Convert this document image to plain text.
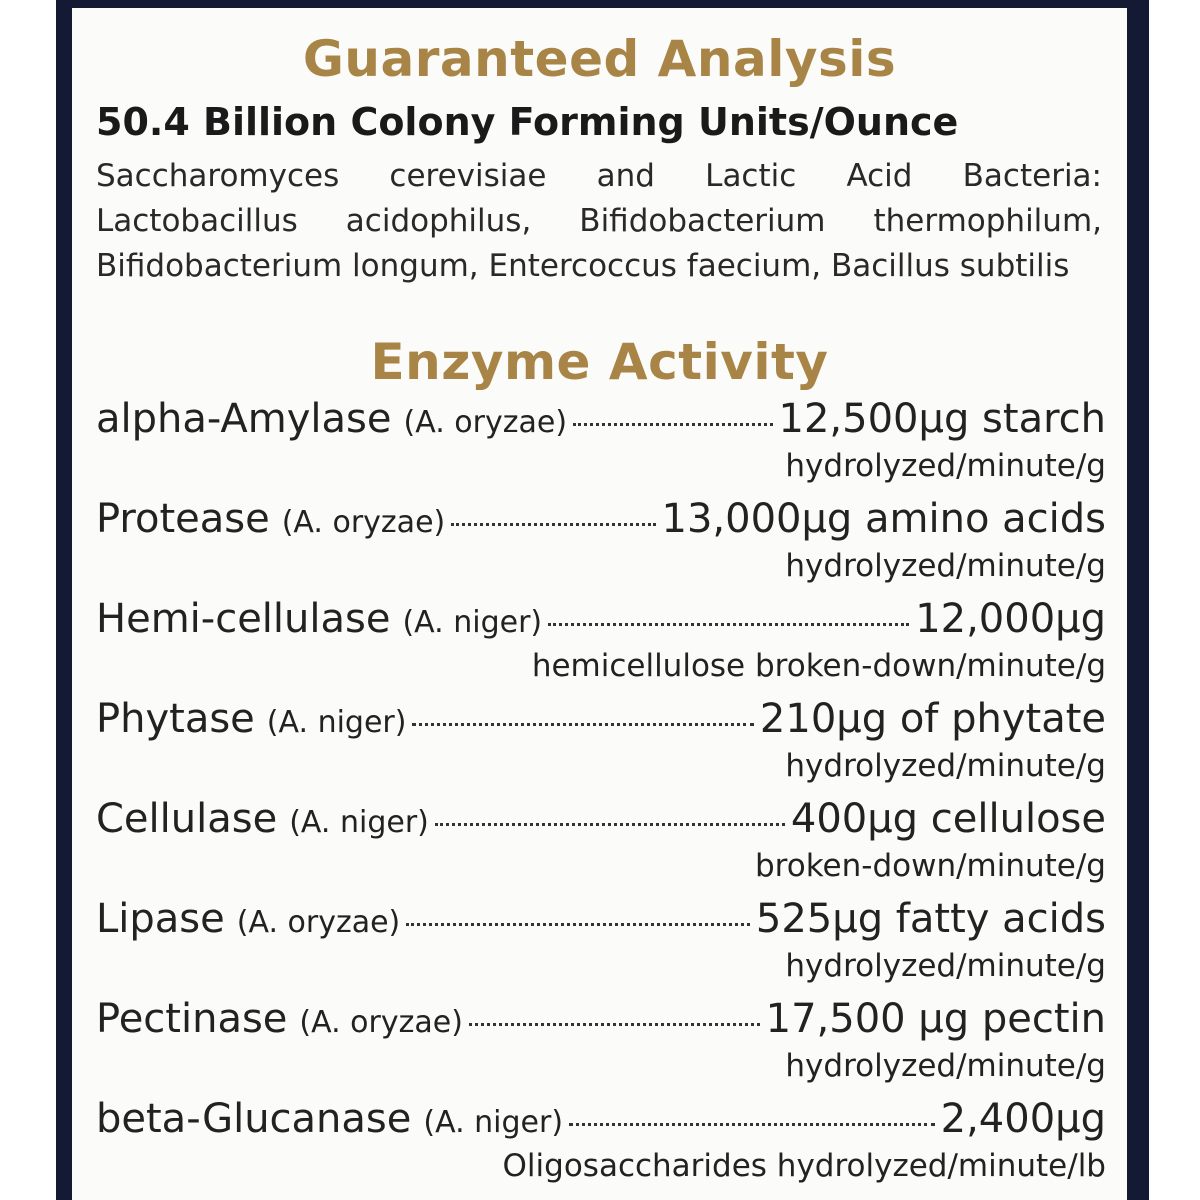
Guaranteed Analysis
50.4 Billion Colony Forming Units/Ounce
Saccharomyces cerevisiae and Lactic Acid Bacteria: Lactobacillus acidophilus, Bifidobacterium thermophilum, Bifidobacterium longum, Entercoccus faecium, Bacillus subtilis
Enzyme Activity
alpha-Amylase (A. oryzae)	12,500µg starch
hydrolyzed/minute/g
Protease (A. oryzae)	13,000µg amino acids
hydrolyzed/minute/g
Hemi-cellulase (A. niger)	12,000µg
hemicellulose broken-down/minute/g
Phytase (A. niger)	210µg of phytate
hydrolyzed/minute/g
Cellulase (A. niger)	400µg cellulose
broken-down/minute/g
Lipase (A. oryzae)	525µg fatty acids
hydrolyzed/minute/g
Pectinase (A. oryzae)	17,500 µg pectin
hydrolyzed/minute/g
beta-Glucanase (A. niger)	2,400µg
Oligosaccharides hydrolyzed/minute/lb
